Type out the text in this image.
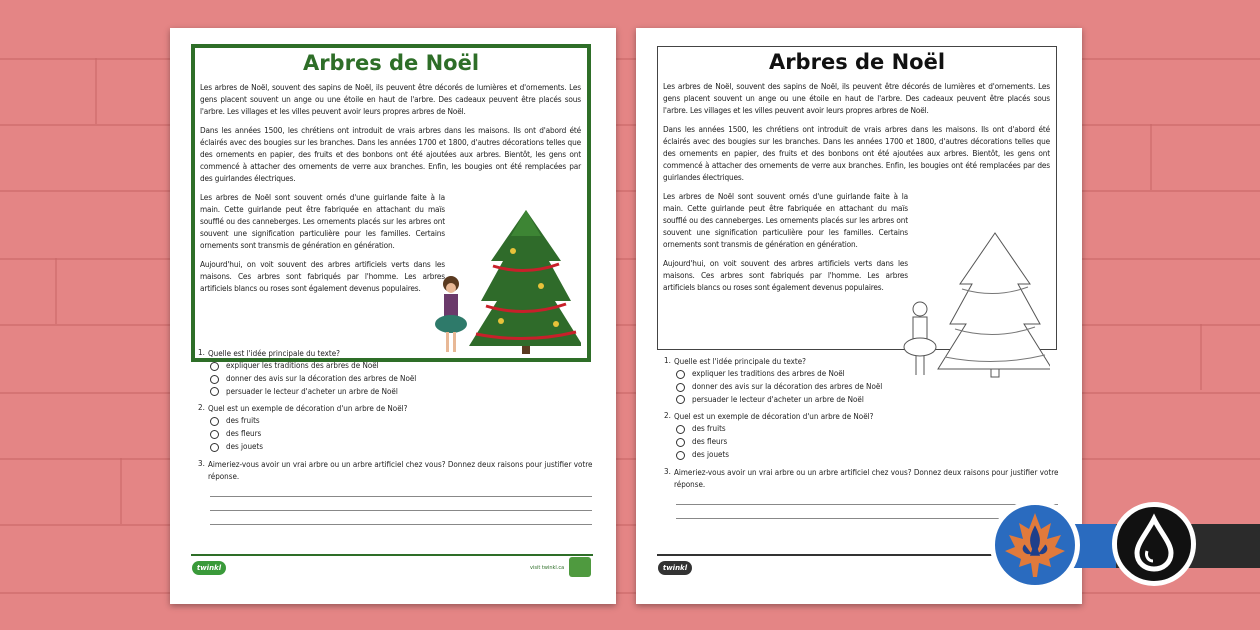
Arbres de Noël

Les arbres de Noël, souvent des sapins de Noël, ils peuvent être décorés de lumières et d'ornements. Les gens placent souvent un ange ou une étoile en haut de l'arbre. Des cadeaux peuvent être placés sous l'arbre. Les villages et les villes peuvent avoir leurs propres arbres de Noël.

Dans les années 1500, les chrétiens ont introduit de vrais arbres dans les maisons. Ils ont d'abord été éclairés avec des bougies sur les branches. Dans les années 1700 et 1800, d'autres décorations telles que des ornements en papier, des fruits et des bonbons ont été ajoutées aux arbres. Bientôt, les gens ont commencé à attacher des ornements de verre aux branches. Enfin, les bougies ont été remplacées par des guirlandes électriques.

Les arbres de Noël sont souvent ornés d'une guirlande faite à la main. Cette guirlande peut être fabriquée en attachant du maïs soufflé ou des canneberges. Les ornements placés sur les arbres ont souvent une signification particulière pour les familles. Certains ornements sont transmis de génération en génération.

Aujourd'hui, on voit souvent des arbres artificiels verts dans les maisons. Ces arbres sont fabriqués par l'homme. Les arbres artificiels blancs ou roses sont également devenus populaires.

1. Quelle est l'idée principale du texte?
expliquer les traditions des arbres de Noël
donner des avis sur la décoration des arbres de Noël
persuader le lecteur d'acheter un arbre de Noël
2. Quel est un exemple de décoration d'un arbre de Noël?
des fruits
des fleurs
des jouets
3. Aimeriez-vous avoir un vrai arbre ou un arbre artificiel chez vous? Donnez deux raisons pour justifier votre réponse.
twinkl	visit twinkl.ca
Arbres de Noël

Les arbres de Noël, souvent des sapins de Noël, ils peuvent être décorés de lumières et d'ornements. Les gens placent souvent un ange ou une étoile en haut de l'arbre. Des cadeaux peuvent être placés sous l'arbre. Les villages et les villes peuvent avoir leurs propres arbres de Noël.

Dans les années 1500, les chrétiens ont introduit de vrais arbres dans les maisons. Ils ont d'abord été éclairés avec des bougies sur les branches. Dans les années 1700 et 1800, d'autres décorations telles que des ornements en papier, des fruits et des bonbons ont été ajoutées aux arbres. Bientôt, les gens ont commencé à attacher des ornements de verre aux branches. Enfin, les bougies ont été remplacées par des guirlandes électriques.

Les arbres de Noël sont souvent ornés d'une guirlande faite à la main. Cette guirlande peut être fabriquée en attachant du maïs soufflé ou des canneberges. Les ornements placés sur les arbres ont souvent une signification particulière pour les familles. Certains ornements sont transmis de génération en génération.

Aujourd'hui, on voit souvent des arbres artificiels verts dans les maisons. Ces arbres sont fabriqués par l'homme. Les arbres artificiels blancs ou roses sont également devenus populaires.

1. Quelle est l'idée principale du texte?
expliquer les traditions des arbres de Noël
donner des avis sur la décoration des arbres de Noël
persuader le lecteur d'acheter un arbre de Noël
2. Quel est un exemple de décoration d'un arbre de Noël?
des fruits
des fleurs
des jouets
3. Aimeriez-vous avoir un vrai arbre ou un arbre artificiel chez vous? Donnez deux raisons pour justifier votre réponse.
twinkl
